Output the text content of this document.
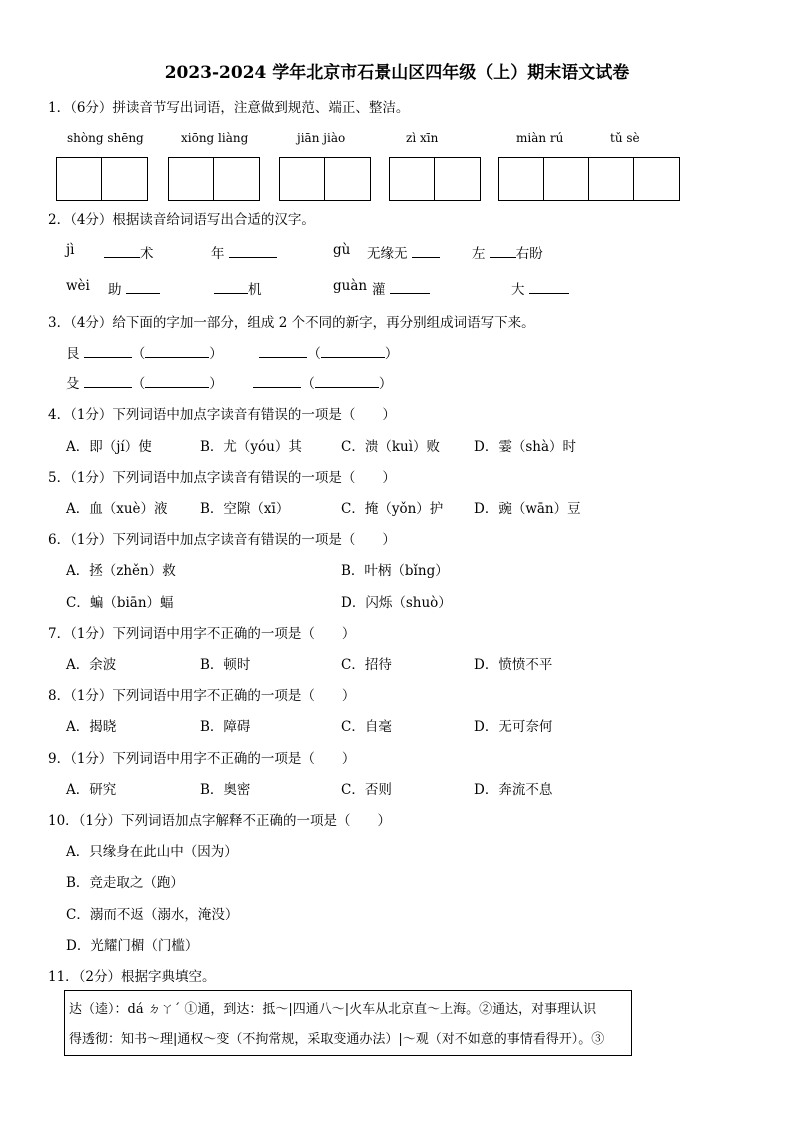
2023-2024 学年北京市石景山区四年级（上）期末语文试卷
1．（6分）拼读音节写出词语，注意做到规范、端正、整洁。
shòng shēng	xiōng liàng	jiān jiào	zì xīn	miàn rú	tǔ sè
2．（4分）根据读音给词语写出合适的汉字。
jì	术	年	gù 无缘无	左 右盼
wèi 助	机	guàn 灌	大
3．（4分）给下面的字加一部分，组成 2 个不同的新字，再分别组成词语写下来。
艮	（	）	（	）
殳	（	）	（	）
4．（1分）下列词语中加点字读音有错误的一项是（　　）
A．即（jí）使	B．尤（yóu）其	C．溃（kuì）败	D．霎（shà）时
5．（1分）下列词语中加点字读音有错误的一项是（　　）
A．血（xuè）液 B．空隙（xī）	C．掩（yǒn）护 D．豌（wān）豆
6．（1分）下列词语中加点字读音有错误的一项是（　　）
A．拯（zhěn）救	B．叶柄（bǐng）
C．蝙（biān）蝠	D．闪烁（shuò）
7．（1分）下列词语中用字不正确的一项是（　　）
A．余波	B．顿时	C．招待	D．愤愤不平
8．（1分）下列词语中用字不正确的一项是（　　）
A．揭晓	B．障碍	C．自毫	D．无可奈何
9．（1分）下列词语中用字不正确的一项是（　　）
A．研究	B．奥密	C．否则	D．奔流不息
10．（1分）下列词语加点字解释不正确的一项是（　　）
A．只缘身在此山中（因为）
B．竞走取之（跑）
C．溺而不返（溺水，淹没）
D．光耀门楣（门槛）
11．（2分）根据字典填空。
达（逵）：dá ㄉㄚˊ ①通，到达：抵～|四通八～|火车从北京直～上海。②通达，对事理认识
得透彻：知书～理|通权～变（不拘常规，采取变通办法）|～观（对不如意的事情看得开）。③
